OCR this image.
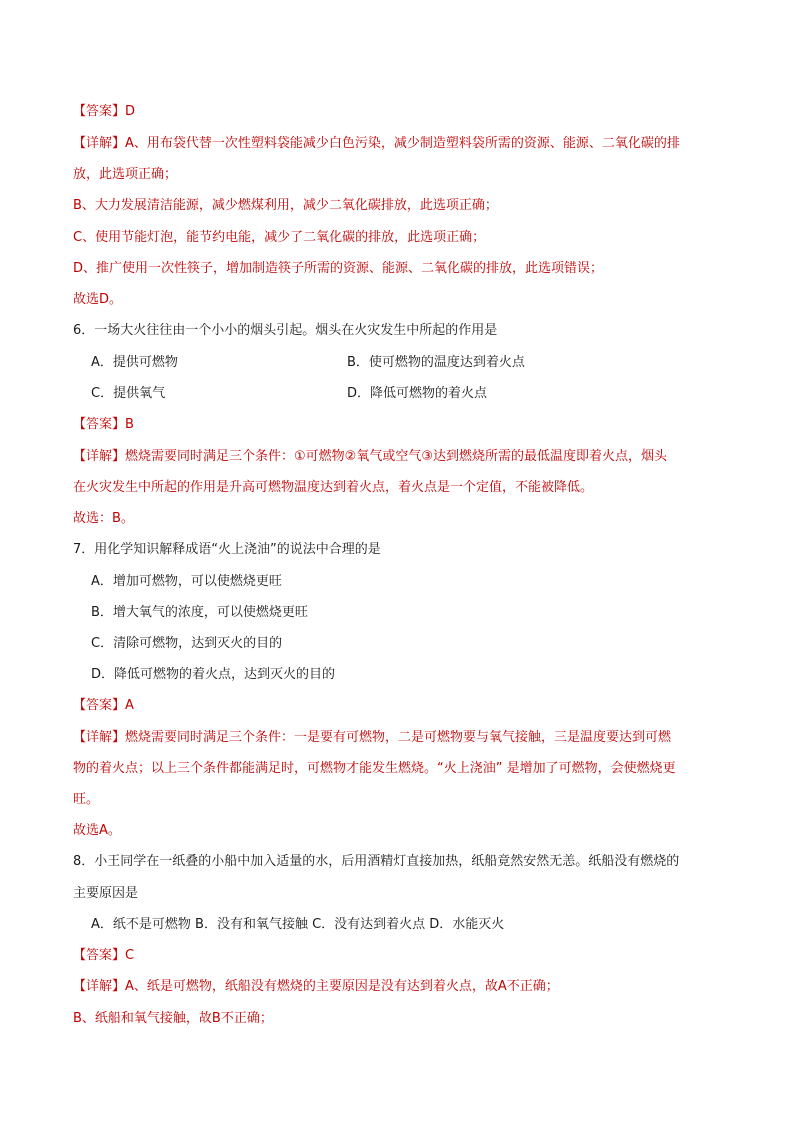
【答案】D
【详解】A、用布袋代替一次性塑料袋能减少白色污染，减少制造塑料袋所需的资源、能源、二氧化碳的排
放，此选项正确；
B、大力发展清洁能源，减少燃煤利用，减少二氧化碳排放，此选项正确；
C、使用节能灯泡，能节约电能，减少了二氧化碳的排放，此选项正确；
D、推广使用一次性筷子，增加制造筷子所需的资源、能源、二氧化碳的排放，此选项错误；
故选D。
6．一场大火往往由一个小小的烟头引起。烟头在火灾发生中所起的作用是
A．提供可燃物	B．使可燃物的温度达到着火点
C．提供氧气	D．降低可燃物的着火点
【答案】B
【详解】燃烧需要同时满足三个条件：①可燃物②氧气或空气③达到燃烧所需的最低温度即着火点，烟头
在火灾发生中所起的作用是升高可燃物温度达到着火点，着火点是一个定值，不能被降低。
故选：B。
7．用化学知识解释成语“火上浇油”的说法中合理的是
A．增加可燃物，可以使燃烧更旺
B．增大氧气的浓度，可以使燃烧更旺
C．清除可燃物，达到灭火的目的
D．降低可燃物的着火点，达到灭火的目的
【答案】A
【详解】燃烧需要同时满足三个条件：一是要有可燃物，二是可燃物要与氧气接触，三是温度要达到可燃
物的着火点；以上三个条件都能满足时，可燃物才能发生燃烧。“火上浇油” 是增加了可燃物，会使燃烧更
旺。
故选A。
8．小王同学在一纸叠的小船中加入适量的水，后用酒精灯直接加热，纸船竟然安然无恙。纸船没有燃烧的
主要原因是
A．纸不是可燃物 B．没有和氧气接触 C．没有达到着火点 D．水能灭火
【答案】C
【详解】A、纸是可燃物，纸船没有燃烧的主要原因是没有达到着火点，故A不正确；
B、纸船和氧气接触，故B不正确；
